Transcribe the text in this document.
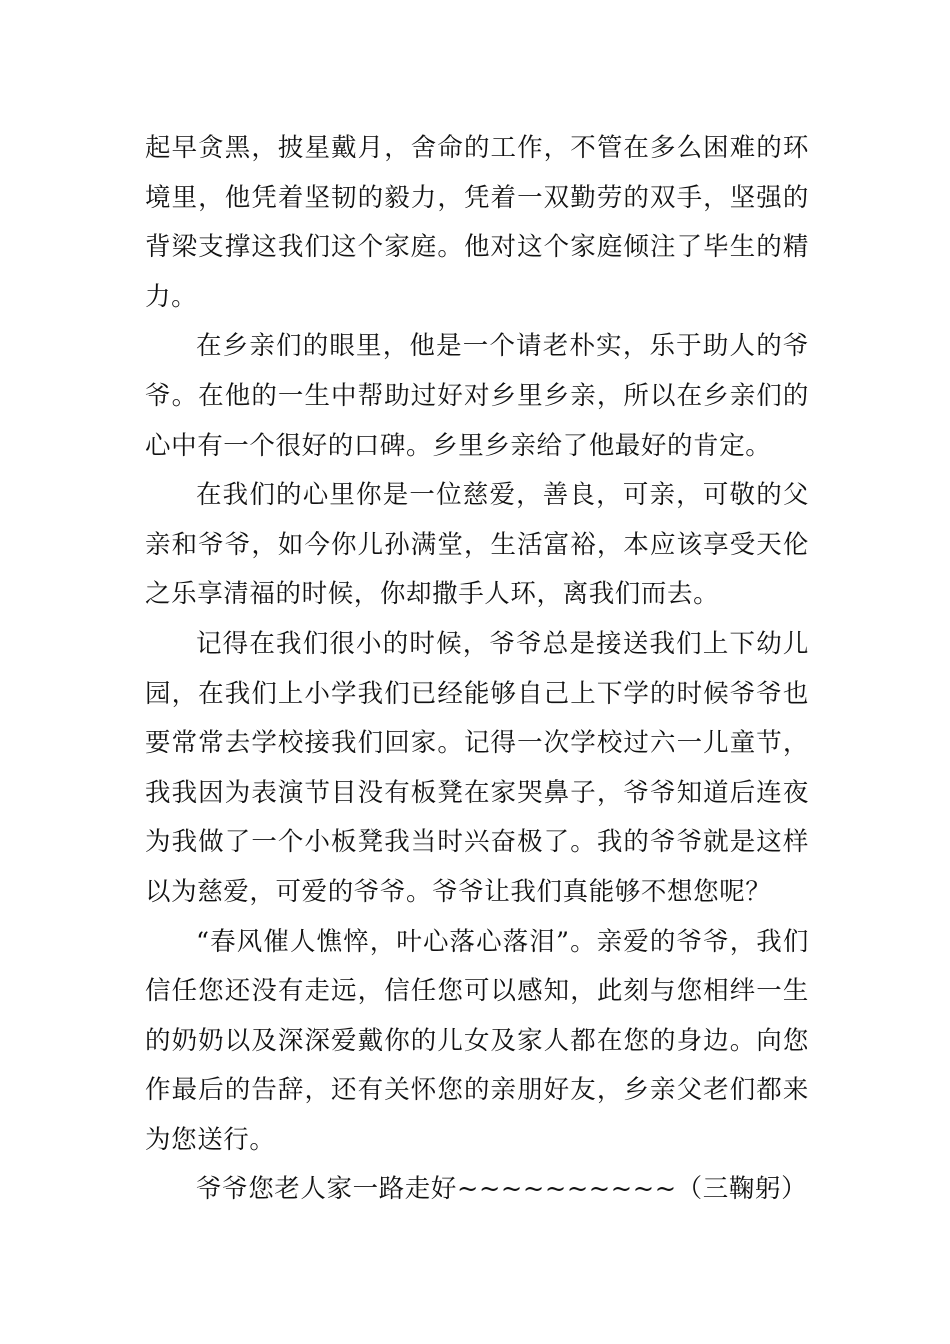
起早贪黑，披星戴月，舍命的工作，不管在多么困难的环境里，他凭着坚韧的毅力，凭着一双勤劳的双手，坚强的背梁支撑这我们这个家庭。他对这个家庭倾注了毕生的精力。

在乡亲们的眼里，他是一个请老朴实，乐于助人的爷爷。在他的一生中帮助过好对乡里乡亲，所以在乡亲们的心中有一个很好的口碑。乡里乡亲给了他最好的肯定。

在我们的心里你是一位慈爱，善良，可亲，可敬的父亲和爷爷，如今你儿孙满堂，生活富裕，本应该享受天伦之乐享清福的时候，你却撒手人环，离我们而去。

记得在我们很小的时候，爷爷总是接送我们上下幼儿园，在我们上小学我们已经能够自己上下学的时候爷爷也要常常去学校接我们回家。记得一次学校过六一儿童节，我我因为表演节目没有板凳在家哭鼻子，爷爷知道后连夜为我做了一个小板凳我当时兴奋极了。我的爷爷就是这样以为慈爱，可爱的爷爷。爷爷让我们真能够不想您呢？

“春风催人憔悴，叶心落心落泪”。亲爱的爷爷，我们信任您还没有走远，信任您可以感知，此刻与您相绊一生的奶奶以及深深爱戴你的儿女及家人都在您的身边。向您作最后的告辞，还有关怀您的亲朋好友，乡亲父老们都来为您送行。

爷爷您老人家一路走好~~~~~~~~~~（三鞠躬）
